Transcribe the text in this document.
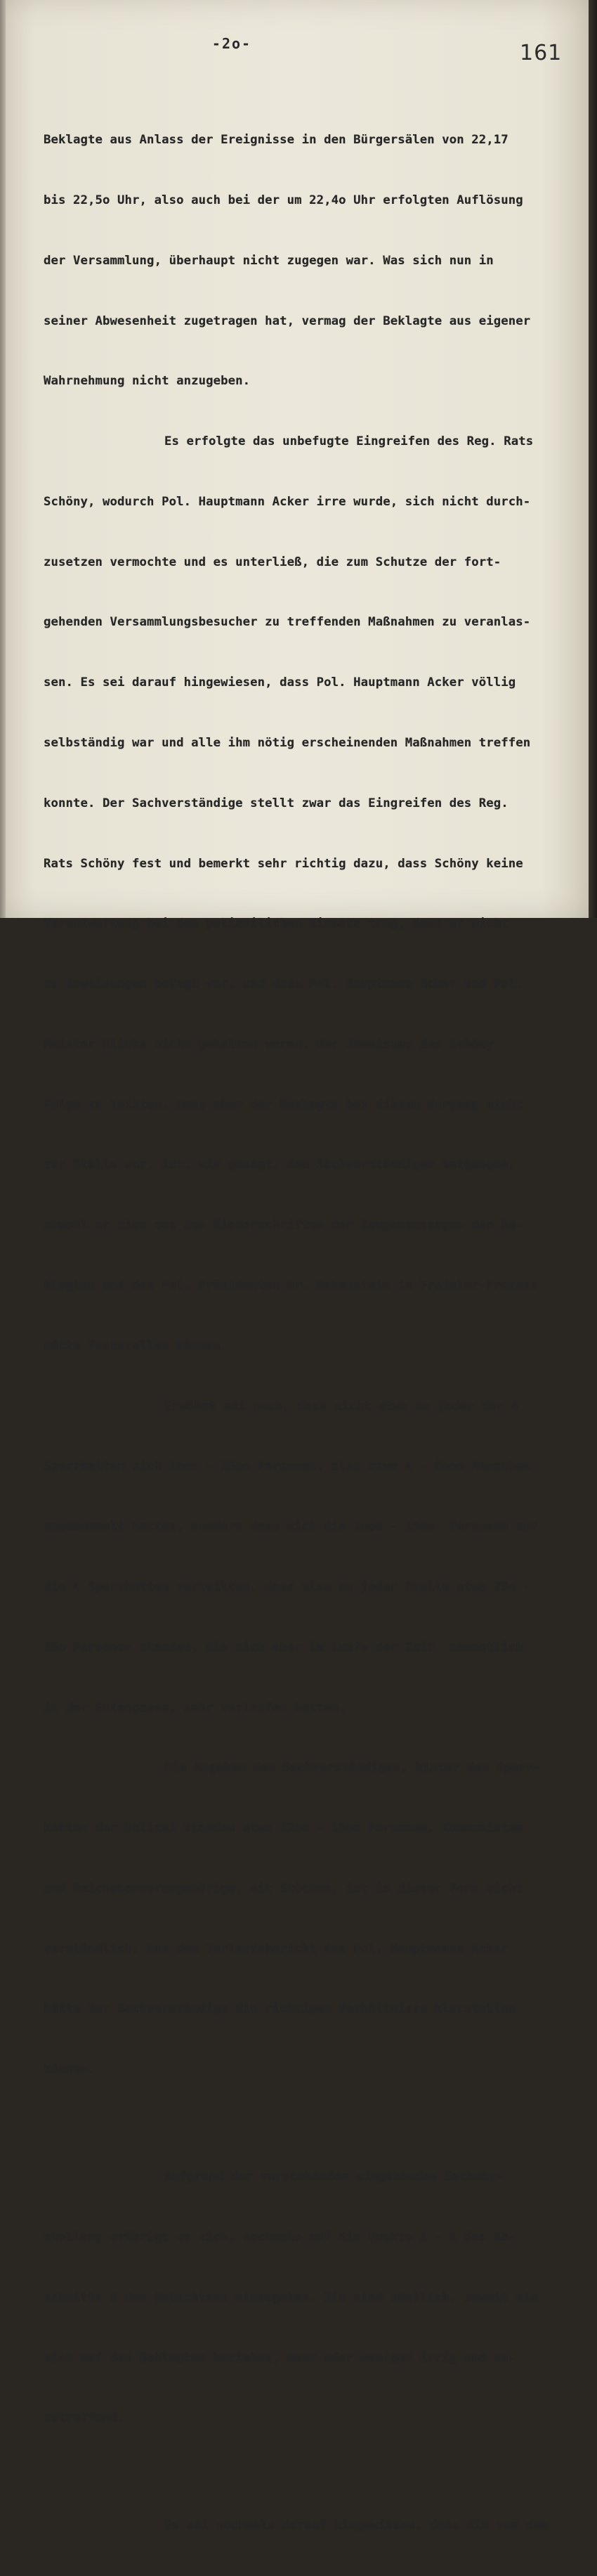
-2o-	161

Beklagte aus Anlass der Ereignisse in den Bürgersälen von 22,17

bis 22,5o Uhr, also auch bei der um 22,4o Uhr erfolgten Auflösung

der Versammlung, überhaupt nicht zugegen war. Was sich nun in

seiner Abwesenheit zugetragen hat, vermag der Beklagte aus eigener

Wahrnehmung nicht anzugeben.

Es erfolgte das unbefugte Eingreifen des Reg. Rats

Schöny, wodurch Pol. Hauptmann Acker irre wurde, sich nicht durch-

zusetzen vermochte und es unterließ, die zum Schutze der fort-

gehenden Versammlungsbesucher zu treffenden Maßnahmen zu veranlas-

sen. Es sei darauf hingewiesen, dass Pol. Hauptmann Acker völlig

selbständig war und alle ihm nötig erscheinenden Maßnahmen treffen

konnte. Der Sachverständige stellt zwar das Eingreifen des Reg.

Rats Schöny fest und bemerkt sehr richtig dazu, dass Schöny keine

Verantwortung bei dem polizeilichen Einsatz trug, dass er nicht

zu Anweisungen befugt war, und dass Pol. Hauptmann Acker und Pol.

Meister Klinke nicht gehalten waren, der Anweisung des Schöny

Folge zu leisten. Dass aber der Beklagte bei diesem Vorgang nicht

zur Stelle war, ist, wie gesagt, dem Sachverständigen entgangen,

obwohl er dies aus den Niederschriften der Zeugenaussagen des Be-

klagten und des Pol. Präsidenten Dr. Hohenstein im Freisler-Prozess

hätte feststellen können.

Erwähnt sei noch, dass nicht etwa an jeder der 4

Sperrketten sich 1ooo - 15oo Personen, also etwa 4 - 6ooo Menschen

angesammelt hatten, sondern dass sich die 1ooo - 15oo  Personen auf

die 4 Sperrketten verteilten, dass also an jeder Stelle etwa 25o -

35o Personen standen, die sich aber im Laufe der Zeit, namentlich

in der Entengasse, sehr verlaufen hatten.

Die Angaben des Sachverständigen, hinter den Sperr-

ketten der Polizei standen etwa 12oo - 15oo Personen, Kommunisten

und Reichsbannerangehörige, mit Stöcken, ist in dieser Form nicht

verständlich. Aus dem Verlaufsbericht des Pol. Hauptmanns Acker

hätte der Sachverständige die richtigen Verhältnisse klarstellen

können.

Aufgrund der vorstehenden eingehenden Sachdar-

stellung erübrigt es sich, nochmals auf die Punkte 1 - 6 des Ab-

schnitts A des Gutachtens einzugehen. Sie sind sämtlich, soweit sie

sich auf den Beklagten beziehen, mehr oder weniger irrig und un-

zutreffend.

Es sei nochmals darauf hingewiesen, dass die von dem
